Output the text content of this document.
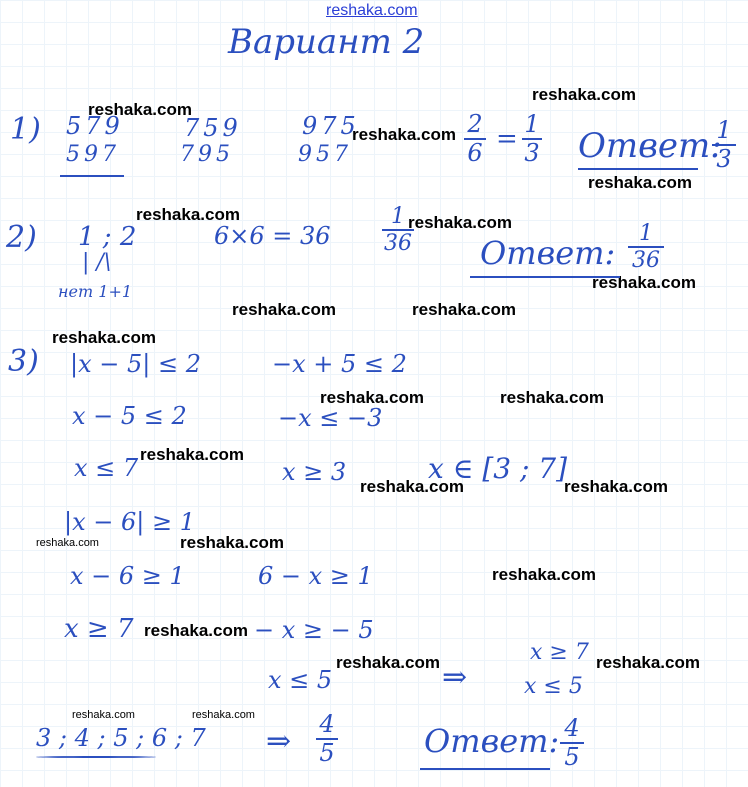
reshaka.com
Вариант 2
reshaka.com
reshaka.com
reshaka.com
reshaka.com
reshaka.com	reshaka.com
reshaka.com
reshaka.com	reshaka.com
reshaka.com
reshaka.com	reshaka.com
reshaka.com
reshaka.com	reshaka.com
reshaka.com	reshaka.com
reshaka.com
reshaka.com
reshaka.com	reshaka.com
reshaka.com	reshaka.com
1) 579
597
759
795
975
957
2
6 = 1
3 Ответ:
1
3
2) 1 ; 2
| /\
нет 1+1
6×6 = 36
1
36 Ответ:
1
36
3) |x − 5| ≤ 2
x − 5 ≤ 2
x ≤ 7
−x + 5 ≤ 2
−x ≤ −3
x ≥ 3	x ∈ [3 ; 7]
|x − 6| ≥ 1
x − 6 ≥ 1
x ≥ 7
6 − x ≥ 1
− x ≥ − 5
x ≤ 5	⇒
x ≥ 7
x ≤ 5
3 ; 4 ; 5 ; 6 ; 7 ⇒ 4
5	Ответ: 4
5
